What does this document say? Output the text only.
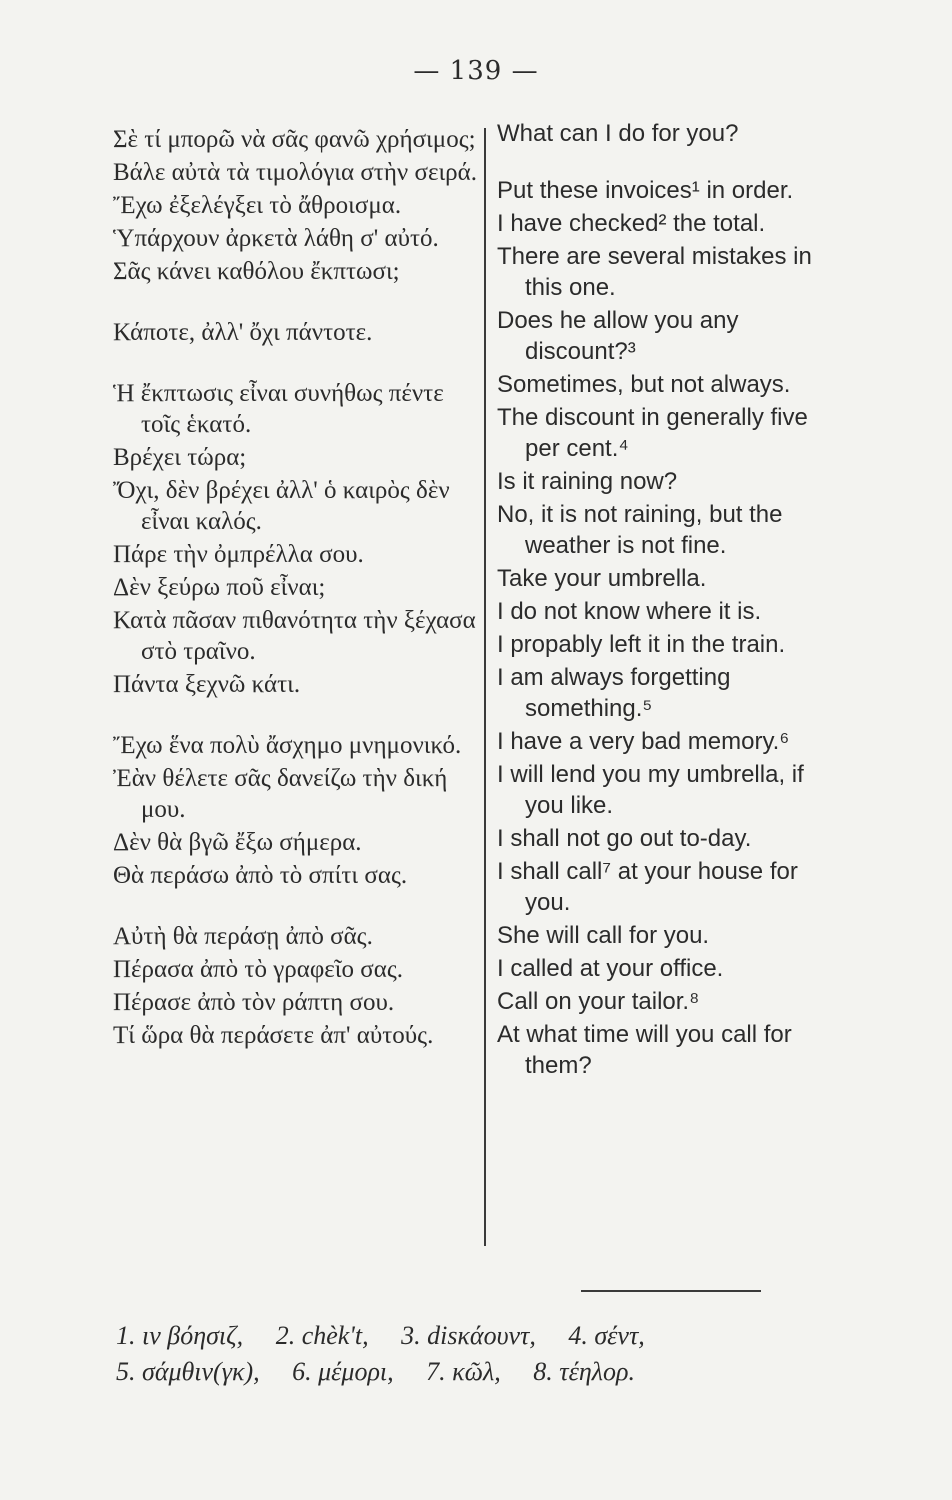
— 139 —

Σὲ τί μπορῶ νὰ σᾶς φανῶ χρήσιμος;

Βάλε αὐτὰ τὰ τιμολόγια στὴν σειρά.

Ἔχω ἐξελέγξει τὸ ἄθροισμα.

Ὑπάρχουν ἀρκετὰ λάθη σ' αὐτό.

Σᾶς κάνει καθόλου ἔκπτωσι;

Κάποτε, ἀλλ' ὄχι πάντοτε.

Ἡ ἔκπτωσις εἶναι συνήθως πέντε τοῖς ἑκατό.

Βρέχει τώρα;

Ὄχι, δὲν βρέχει ἀλλ' ὁ καιρὸς δὲν εἶναι καλός.

Πάρε τὴν ὀμπρέλλα σου.

Δὲν ξεύρω ποῦ εἶναι;

Κατὰ πᾶσαν πιθανότητα τὴν ξέχασα στὸ τραῖνο.

Πάντα ξεχνῶ κάτι.

Ἔχω ἕνα πολὺ ἄσχημο μνημονικό.

Ἐὰν θέλετε σᾶς δανείζω τὴν δική μου.

Δὲν θὰ βγῶ ἔξω σήμερα.

Θὰ περάσω ἀπὸ τὸ σπίτι σας.

Αὐτὴ θὰ περάσῃ ἀπὸ σᾶς.

Πέρασα ἀπὸ τὸ γραφεῖο σας.

Πέρασε ἀπὸ τὸν ράπτη σου.

Τί ὥρα θὰ περάσετε ἀπ' αὐτούς.

What can I do for you?

Put these invoices¹ in order.

I have checked² the total.

There are several mistakes in this one.

Does he allow you any discount?³

Sometimes, but not always.

The discount in generally five per cent.⁴

Is it raining now?

No, it is not raining, but the weather is not fine.

Take your umbrella.

I do not know where it is.

I propably left it in the train.

I am always forgetting something.⁵

I have a very bad memory.⁶

I will lend you my umbrella, if you like.

I shall not go out to-day.

I shall call⁷ at your house for you.

She will call for you.

I called at your office.

Call on your tailor.⁸

At what time will you call for them?

1. ιν βόησιζ, 2. chèk't, 3. disκάουντ, 4. σέντ,
5. σάμθιν(γκ), 6. μέμορι, 7. κῶλ, 8. τέηλορ.
